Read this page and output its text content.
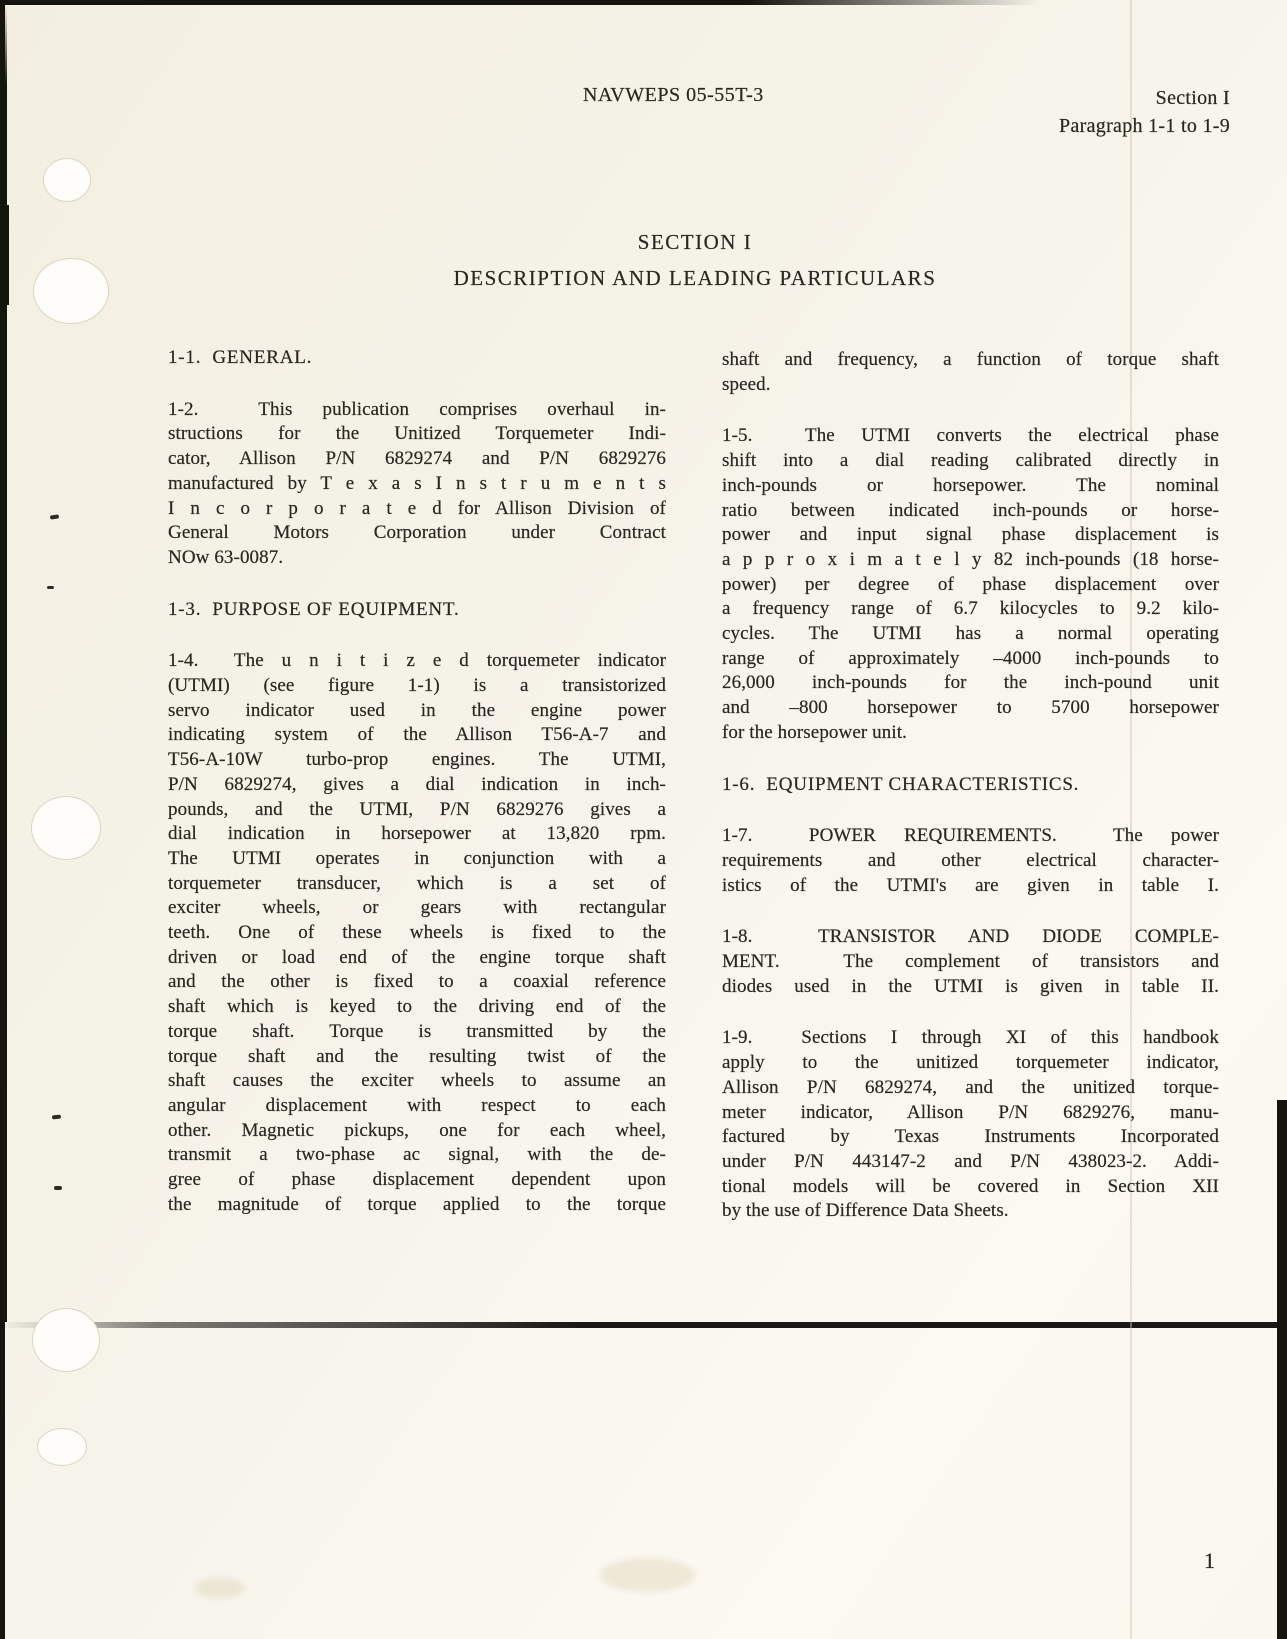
NAVWEPS 05-55T-3	Section I
Paragraph 1-1 to 1-9
SECTION I
DESCRIPTION AND LEADING PARTICULARS
1-1.  GENERAL.
1-2.  This publication comprises overhaul in-
structions for the Unitized Torquemeter Indi-
cator, Allison P/N 6829274 and P/N 6829276
manufactured by T e x a s I n s t r u m e n t s
I n c o r p o r a t e d for Allison Division of
General Motors Corporation under Contract
NOw 63-0087.
1-3.  PURPOSE OF EQUIPMENT.
1-4.  The u n i t i z e d torquemeter indicator
(UTMI) (see figure 1-1) is a transistorized
servo indicator used in the engine power
indicating system of the Allison T56-A-7 and
T56-A-10W turbo-prop engines. The UTMI,
P/N 6829274, gives a dial indication in inch-
pounds, and the UTMI, P/N 6829276 gives a
dial indication in horsepower at 13,820 rpm.
The UTMI operates in conjunction with a
torquemeter transducer, which is a set of
exciter wheels, or gears with rectangular
teeth. One of these wheels is fixed to the
driven or load end of the engine torque shaft
and the other is fixed to a coaxial reference
shaft which is keyed to the driving end of the
torque shaft. Torque is transmitted by the
torque shaft and the resulting twist of the
shaft causes the exciter wheels to assume an
angular displacement with respect to each
other. Magnetic pickups, one for each wheel,
transmit a two-phase ac signal, with the de-
gree of phase displacement dependent upon
the magnitude of torque applied to the torque
shaft and frequency, a function of torque shaft
speed.
1-5.  The UTMI converts the electrical phase
shift into a dial reading calibrated directly in
inch-pounds or horsepower. The nominal
ratio between indicated inch-pounds or horse-
power and input signal phase displacement is
a p p r o x i m a t e l y 82 inch-pounds (18 horse-
power) per degree of phase displacement over
a frequency range of 6.7 kilocycles to 9.2 kilo-
cycles. The UTMI has a normal operating
range of approximately –4000 inch-pounds to
26,000 inch-pounds for the inch-pound unit
and –800 horsepower to 5700 horsepower
for the horsepower unit.
1-6.  EQUIPMENT CHARACTERISTICS.
1-7.  POWER REQUIREMENTS.  The power
requirements and other electrical character-
istics of the UTMI's are given in table I.
1-8.  TRANSISTOR AND DIODE COMPLE-
MENT.  The complement of transistors and
diodes used in the UTMI is given in table II.
1-9.  Sections I through XI of this handbook
apply to the unitized torquemeter indicator,
Allison P/N 6829274, and the unitized torque-
meter indicator, Allison P/N 6829276, manu-
factured by Texas Instruments Incorporated
under P/N 443147-2 and P/N 438023-2. Addi-
tional models will be covered in Section XII
by the use of Difference Data Sheets.
1
